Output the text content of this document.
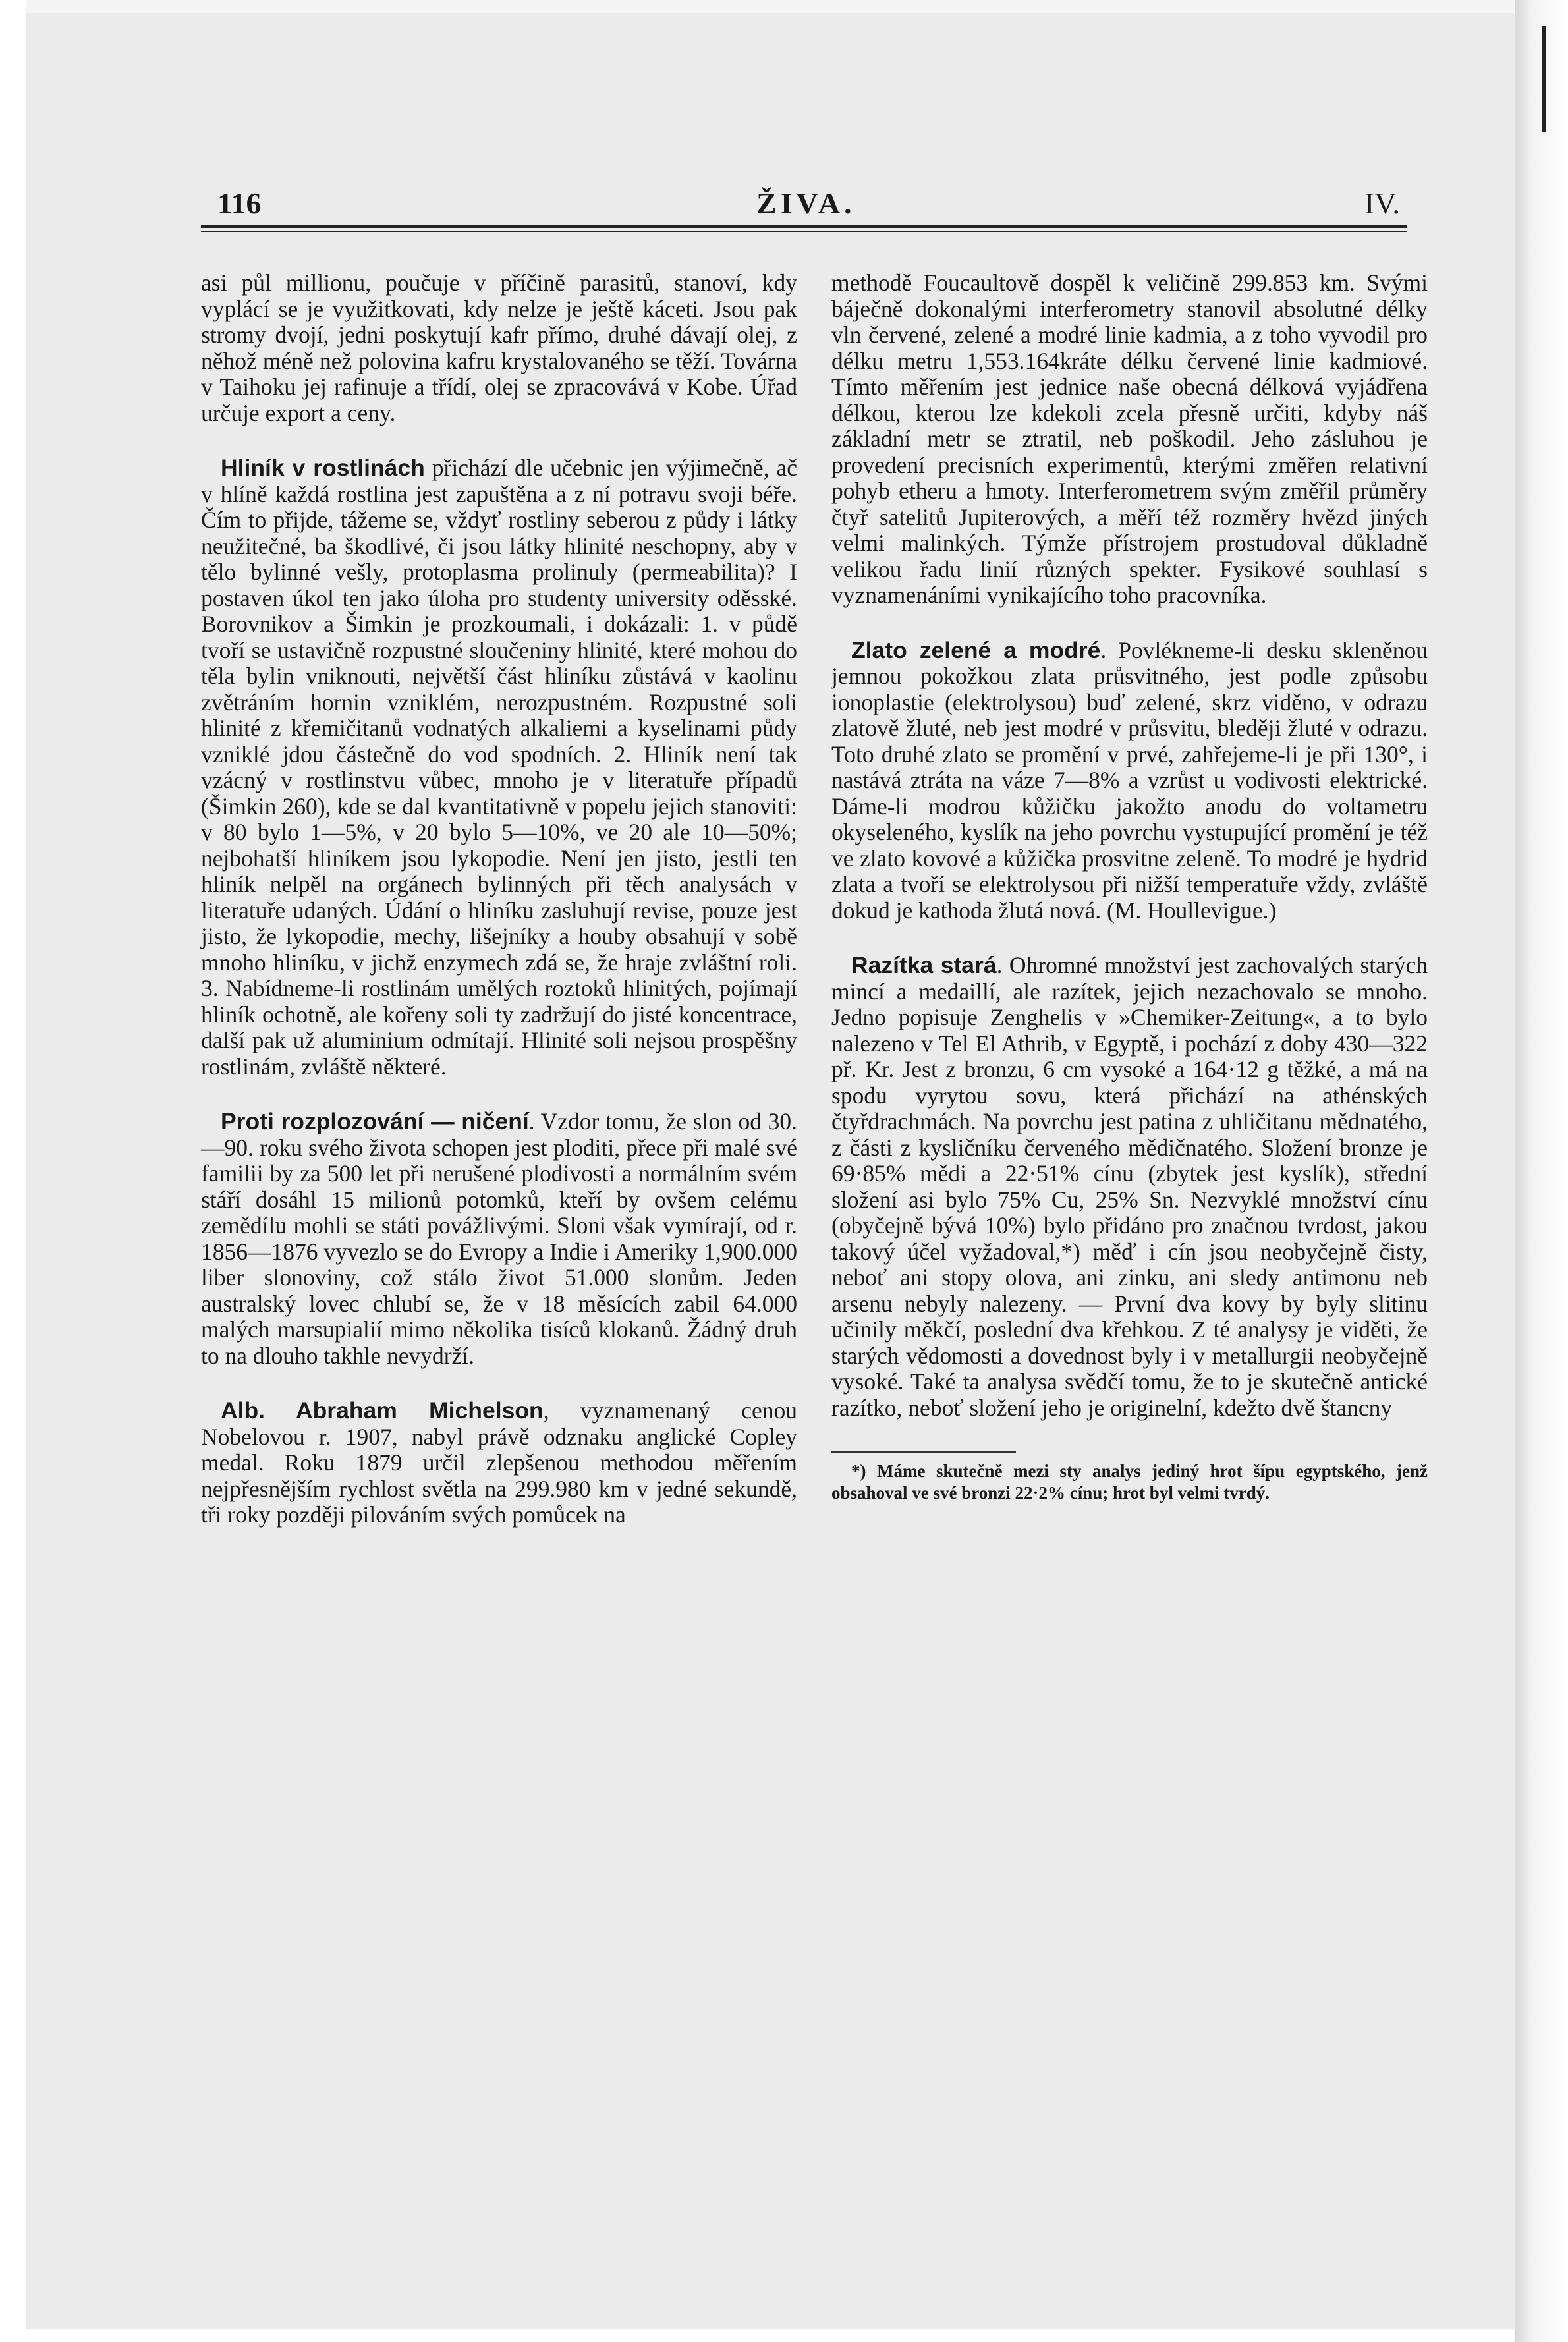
116	ŽIVA.	IV.

asi půl millionu, poučuje v příčině parasitů, stanoví, kdy vyplácí se je využitkovati, kdy nelze je ještě káceti. Jsou pak stromy dvojí, jedni poskytují kafr přímo, druhé dávají olej, z něhož méně než polovina kafru krystalovaného se těží. Továrna v Taihoku jej rafinuje a třídí, olej se zpracovává v Kobe. Úřad určuje export a ceny.

Hliník v rostlinách přichází dle učebnic jen výjimečně, ač v hlíně každá rostlina jest zapuštěna a z ní potravu svoji béře. Čím to přijde, tážeme se, vždyť rostliny seberou z půdy i látky neužitečné, ba škodlivé, či jsou látky hlinité neschopny, aby v tělo bylinné vešly, protoplasma prolinuly (permeabilita)? I postaven úkol ten jako úloha pro studenty university oděsské. Borovnikov a Šimkin je prozkoumali, i dokázali: 1. v půdě tvoří se ustavičně rozpustné sloučeniny hlinité, které mohou do těla bylin vniknouti, největší část hliníku zůstává v kaolinu zvětráním hornin vzniklém, nerozpustném. Rozpustné soli hlinité z křemičitanů vodnatých alkaliemi a kyselinami půdy vzniklé jdou částečně do vod spodních. 2. Hliník není tak vzácný v rostlinstvu vůbec, mnoho je v literatuře případů (Šimkin 260), kde se dal kvantitativně v popelu jejich stanoviti: v 80 bylo 1—5%, v 20 bylo 5—10%, ve 20 ale 10—50%; nejbohatší hliníkem jsou lykopodie. Není jen jisto, jestli ten hliník nelpěl na orgánech bylinných při těch analysách v literatuře udaných. Údání o hliníku zasluhují revise, pouze jest jisto, že lykopodie, mechy, lišejníky a houby obsahují v sobě mnoho hliníku, v jichž enzymech zdá se, že hraje zvláštní roli. 3. Nabídneme-li rostlinám umělých roztoků hlinitých, pojímají hliník ochotně, ale kořeny soli ty zadržují do jisté koncentrace, další pak už aluminium odmítají. Hlinité soli nejsou prospěšny rostlinám, zvláště některé.

Proti rozplozování — ničení. Vzdor tomu, že slon od 30.—90. roku svého života schopen jest ploditi, přece při malé své familii by za 500 let při nerušené plodivosti a normálním svém stáří dosáhl 15 milionů potomků, kteří by ovšem celému zemědílu mohli se státi povážlivými. Sloni však vymírají, od r. 1856—1876 vyvezlo se do Evropy a Indie i Ameriky 1,900.000 liber slonoviny, což stálo život 51.000 slonům. Jeden australský lovec chlubí se, že v 18 měsících zabil 64.000 malých marsupialií mimo několika tisíců klokanů. Žádný druh to na dlouho takhle nevydrží.

Alb. Abraham Michelson, vyznamenaný cenou Nobelovou r. 1907, nabyl právě odznaku anglické Copley medal. Roku 1879 určil zlepšenou methodou měřením nejpřesnějším rychlost světla na 299.980 km v jedné sekundě, tři roky později pilováním svých pomůcek na

methodě Foucaultově dospěl k veličině 299.853 km. Svými báječně dokonalými interferometry stanovil absolutné délky vln červené, zelené a modré linie kadmia, a z toho vyvodil pro délku metru 1,553.164kráte délku červené linie kadmiové. Tímto měřením jest jednice naše obecná délková vyjádřena délkou, kterou lze kdekoli zcela přesně určiti, kdyby náš základní metr se ztratil, neb poškodil. Jeho zásluhou je provedení precisních experimentů, kterými změřen relativní pohyb etheru a hmoty. Interferometrem svým změřil průměry čtyř satelitů Jupiterových, a měří též rozměry hvězd jiných velmi malinkých. Týmže přístrojem prostudoval důkladně velikou řadu linií různých spekter. Fysikové souhlasí s vyznamenáními vynikajícího toho pracovníka.

Zlato zelené a modré. Povlékneme-li desku skleněnou jemnou pokožkou zlata průsvitného, jest podle způsobu ionoplastie (elektrolysou) buď zelené, skrz viděno, v odrazu zlatově žluté, neb jest modré v průsvitu, bleději žluté v odrazu. Toto druhé zlato se promění v prvé, zahřejeme-li je při 130°, i nastává ztráta na váze 7—8% a vzrůst u vodivosti elektrické. Dáme-li modrou kůžičku jakožto anodu do voltametru okyseleného, kyslík na jeho povrchu vystupující promění je též ve zlato kovové a kůžička prosvitne zeleně. To modré je hydrid zlata a tvoří se elektrolysou při nižší temperatuře vždy, zvláště dokud je kathoda žlutá nová. (M. Houllevigue.)

Razítka stará. Ohromné množství jest zachovalých starých mincí a medaillí, ale razítek, jejich nezachovalo se mnoho. Jedno popisuje Zenghelis v »Chemiker-Zeitung«, a to bylo nalezeno v Tel El Athrib, v Egyptě, i pochází z doby 430—322 př. Kr. Jest z bronzu, 6 cm vysoké a 164·12 g těžké, a má na spodu vyrytou sovu, která přichází na athénských čtyřdrachmách. Na povrchu jest patina z uhličitanu mědnatého, z části z kysličníku červeného mědičnatého. Složení bronze je 69·85% mědi a 22·51% cínu (zbytek jest kyslík), střední složení asi bylo 75% Cu, 25% Sn. Nezvyklé množství cínu (obyčejně bývá 10%) bylo přidáno pro značnou tvrdost, jakou takový účel vyžadoval,*) měď i cín jsou neobyčejně čisty, neboť ani stopy olova, ani zinku, ani sledy antimonu neb arsenu nebyly nalezeny. — První dva kovy by byly slitinu učinily měkčí, poslední dva křehkou. Z té analysy je viděti, že starých vědomosti a dovednost byly i v metallurgii neobyčejně vysoké. Také ta analysa svědčí tomu, že to je skutečně antické razítko, neboť složení jeho je originelní, kdežto dvě štancny

*) Máme skutečně mezi sty analys jediný hrot šípu egyptského, jenž obsahoval ve své bronzi 22·2% cínu; hrot byl velmi tvrdý.
